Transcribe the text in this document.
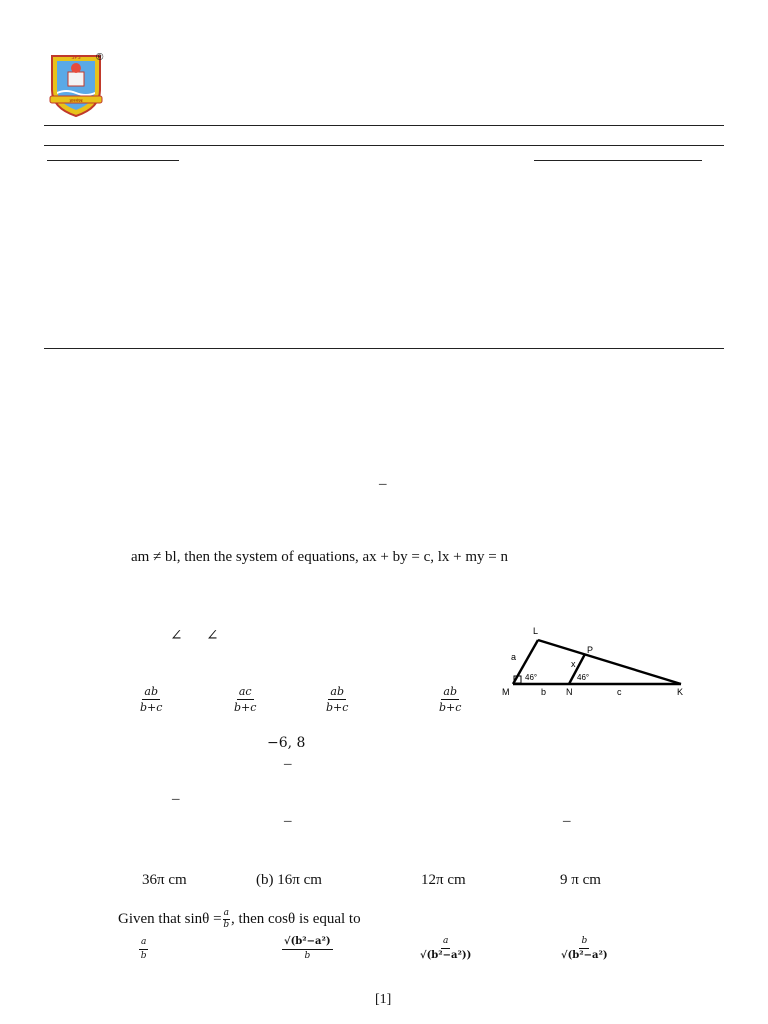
SPS
ज्ञानसंपन्न
®
–
am ≠ bl, then the system of equations, ax + by = c, lx + my = n
∠ ∠	L
P
M	N	K
a
x
b	c
46°	46°
$\frac{ab}{b+c}$	$\frac{ac}{b+c}$	$\frac{ab}{b+c}$	$\frac{ab}{b+c}$
−6, 8
–
–
–	–
36π cm	(b) 16π cm	12π cm	9 π cm
Given that $\sin\theta = \frac{a}{b}$ , then cosθ is equal to
$\frac{a}{b}$	$\frac{\text{√(b²−a²)}}{b}$	$\frac{a}{\text{√(b²−a²))}}$	$\frac{b}{\text{√(b²−a²)}}$
[1]
